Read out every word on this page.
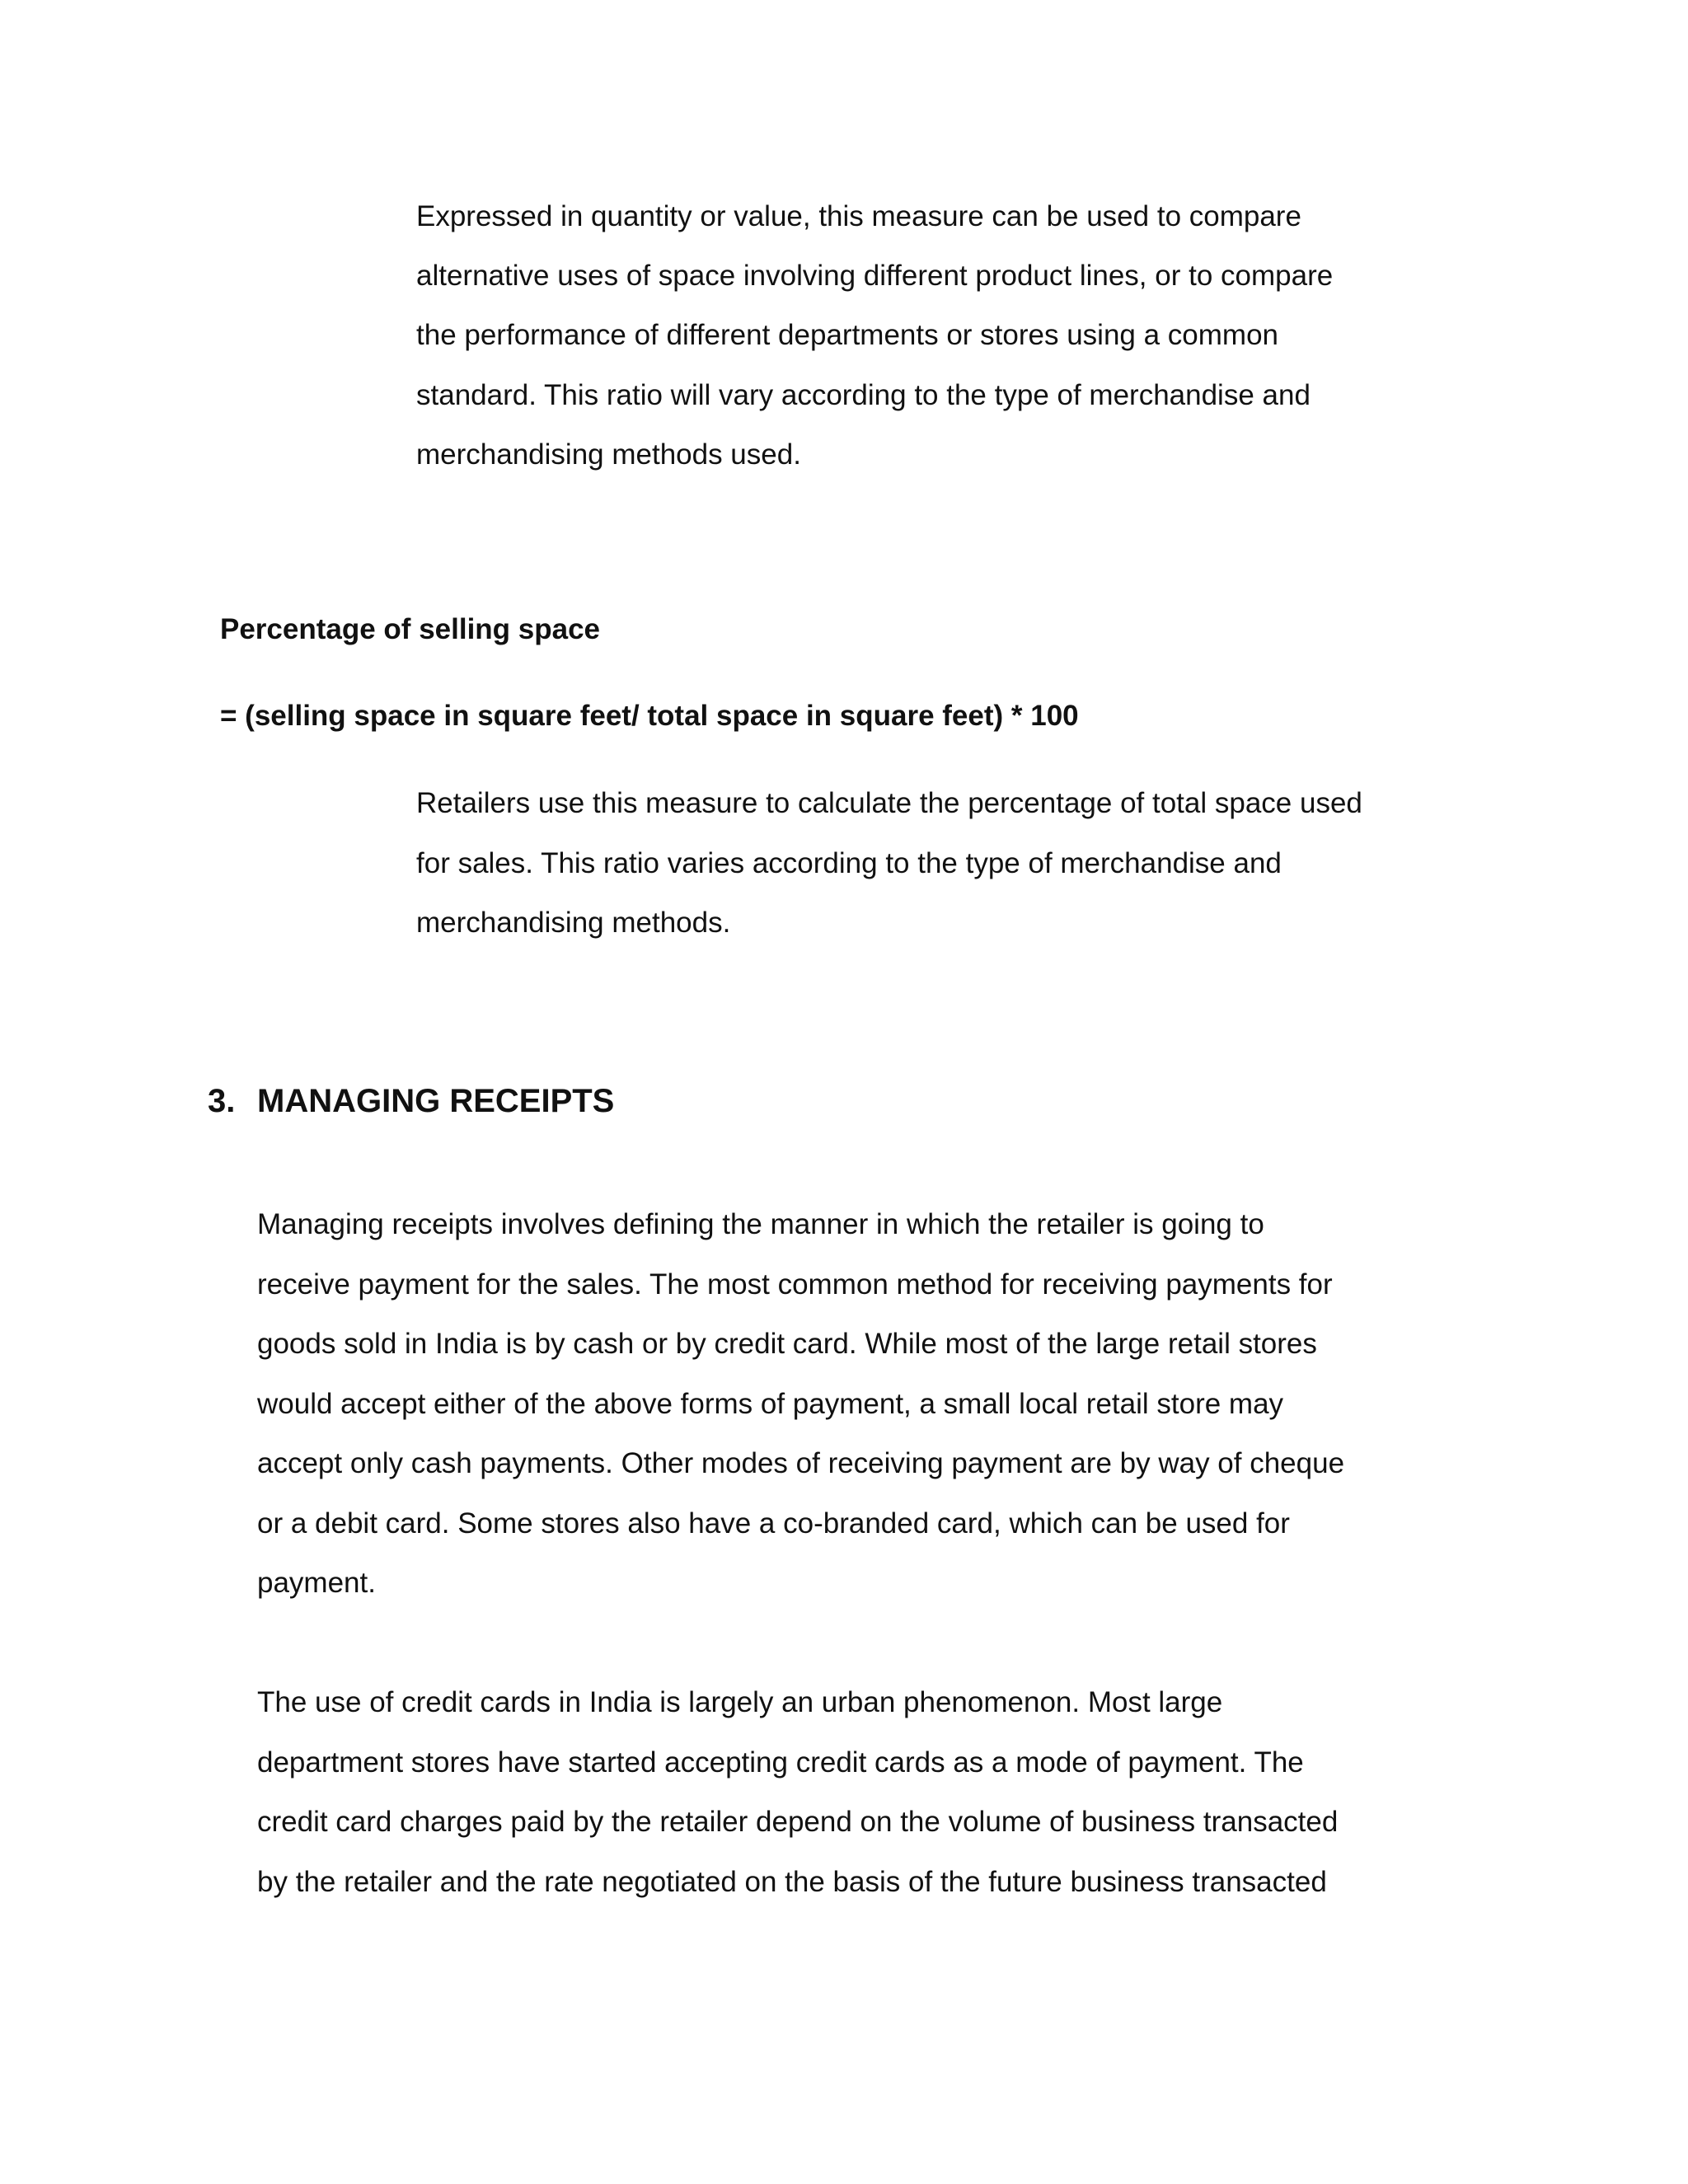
Expressed in quantity or value, this measure can be used to compare
alternative uses of space involving different product lines, or to compare
the performance of different departments or stores using a common
standard. This ratio will vary according to the type of merchandise and
merchandising methods used.
Percentage of selling space
= (selling space in square feet/ total space in square feet) * 100
Retailers use this measure to calculate the percentage of total space used
for sales. This ratio varies according to the type of merchandise and
merchandising methods.
3. MANAGING RECEIPTS
Managing receipts involves defining the manner in which the retailer is going to
receive payment for the sales. The most common method for receiving payments for
goods sold in India is by cash or by credit card. While most of the large retail stores
would accept either of the above forms of payment, a small local retail store may
accept only cash payments. Other modes of receiving payment are by way of cheque
or a debit card. Some stores also have a co-branded card, which can be used for
payment.
The use of credit cards in India is largely an urban phenomenon. Most large
department stores have started accepting credit cards as a mode of payment. The
credit card charges paid by the retailer depend on the volume of business transacted
by the retailer and the rate negotiated on the basis of the future business transacted
